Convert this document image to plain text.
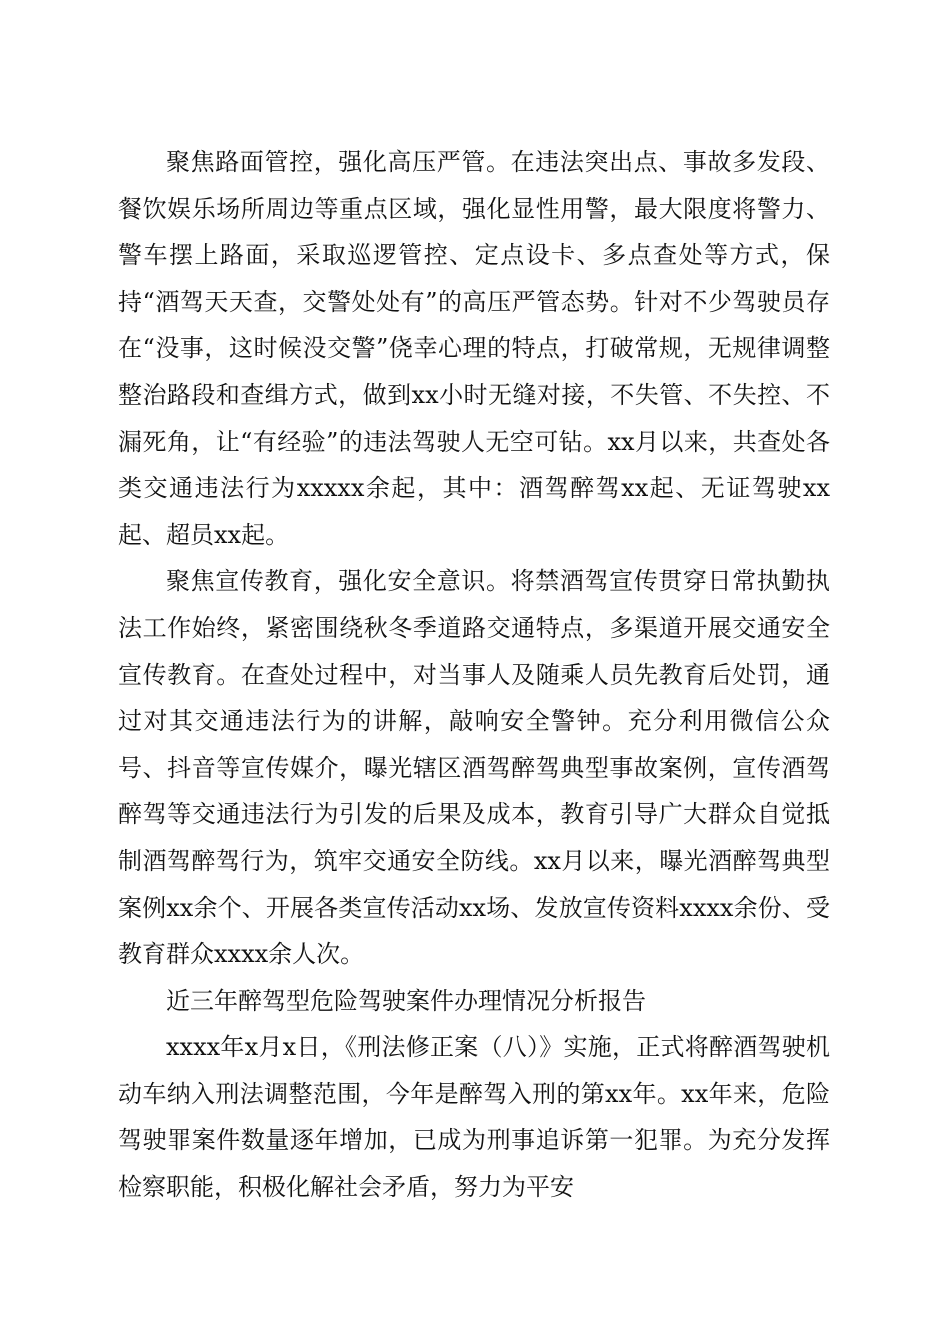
聚焦路面管控，强化高压严管。在违法突出点、事故多发段、餐饮娱乐场所周边等重点区域，强化显性用警，最大限度将警力、警车摆上路面，采取巡逻管控、定点设卡、多点查处等方式，保持“酒驾天天查，交警处处有”的高压严管态势。针对不少驾驶员存在“没事，这时候没交警”侥幸心理的特点，打破常规，无规律调整整治路段和查缉方式，做到xx小时无缝对接，不失管、不失控、不漏死角，让“有经验”的违法驾驶人无空可钻。xx月以来，共查处各类交通违法行为xxxxx余起，其中：酒驾醉驾xx起、无证驾驶xx起、超员xx起。

聚焦宣传教育，强化安全意识。将禁酒驾宣传贯穿日常执勤执法工作始终，紧密围绕秋冬季道路交通特点，多渠道开展交通安全宣传教育。在查处过程中，对当事人及随乘人员先教育后处罚，通过对其交通违法行为的讲解，敲响安全警钟。充分利用微信公众号、抖音等宣传媒介，曝光辖区酒驾醉驾典型事故案例，宣传酒驾醉驾等交通违法行为引发的后果及成本，教育引导广大群众自觉抵制酒驾醉驾行为，筑牢交通安全防线。xx月以来，曝光酒醉驾典型案例xx余个、开展各类宣传活动xx场、发放宣传资料xxxx余份、受教育群众xxxx余人次。

近三年醉驾型危险驾驶案件办理情况分析报告

xxxx年x月x日，《刑法修正案（八）》实施，正式将醉酒驾驶机动车纳入刑法调整范围，今年是醉驾入刑的第xx年。xx年来，危险驾驶罪案件数量逐年增加，已成为刑事追诉第一犯罪。为充分发挥检察职能，积极化解社会矛盾，努力为平安
